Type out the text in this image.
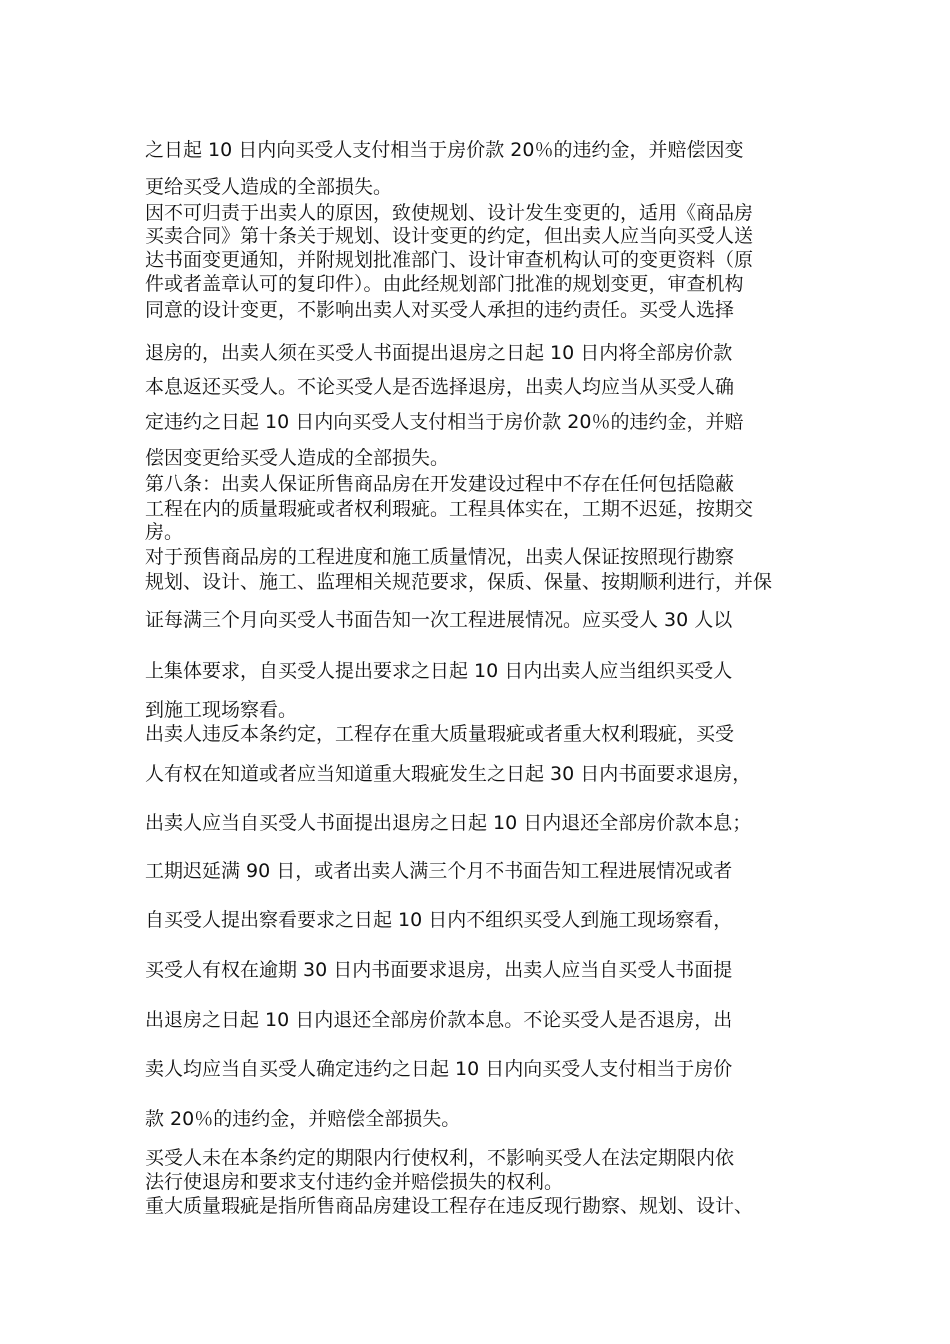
之日起 10 日内向买受人支付相当于房价款 20％的违约金，并赔偿因变
更给买受人造成的全部损失。
因不可归责于出卖人的原因，致使规划、设计发生变更的，适用《商品房
买卖合同》第十条关于规划、设计变更的约定，但出卖人应当向买受人送
达书面变更通知，并附规划批准部门、设计审查机构认可的变更资料（原
件或者盖章认可的复印件）。由此经规划部门批准的规划变更，审查机构
同意的设计变更，不影响出卖人对买受人承担的违约责任。买受人选择
退房的，出卖人须在买受人书面提出退房之日起 10 日内将全部房价款
本息返还买受人。不论买受人是否选择退房，出卖人均应当从买受人确
定违约之日起 10 日内向买受人支付相当于房价款 20％的违约金，并赔
偿因变更给买受人造成的全部损失。
第八条：出卖人保证所售商品房在开发建设过程中不存在任何包括隐蔽
工程在内的质量瑕疵或者权利瑕疵。工程具体实在，工期不迟延，按期交
房。
对于预售商品房的工程进度和施工质量情况，出卖人保证按照现行勘察
规划、设计、施工、监理相关规范要求，保质、保量、按期顺利进行，并保
证每满三个月向买受人书面告知一次工程进展情况。应买受人 30 人以
上集体要求，自买受人提出要求之日起 10 日内出卖人应当组织买受人
到施工现场察看。
出卖人违反本条约定，工程存在重大质量瑕疵或者重大权利瑕疵，买受
人有权在知道或者应当知道重大瑕疵发生之日起 30 日内书面要求退房，
出卖人应当自买受人书面提出退房之日起 10 日内退还全部房价款本息；
工期迟延满 90 日，或者出卖人满三个月不书面告知工程进展情况或者
自买受人提出察看要求之日起 10 日内不组织买受人到施工现场察看，
买受人有权在逾期 30 日内书面要求退房，出卖人应当自买受人书面提
出退房之日起 10 日内退还全部房价款本息。不论买受人是否退房，出
卖人均应当自买受人确定违约之日起 10 日内向买受人支付相当于房价
款 20％的违约金，并赔偿全部损失。
买受人未在本条约定的期限内行使权利，不影响买受人在法定期限内依
法行使退房和要求支付违约金并赔偿损失的权利。
重大质量瑕疵是指所售商品房建设工程存在违反现行勘察、规划、设计、
